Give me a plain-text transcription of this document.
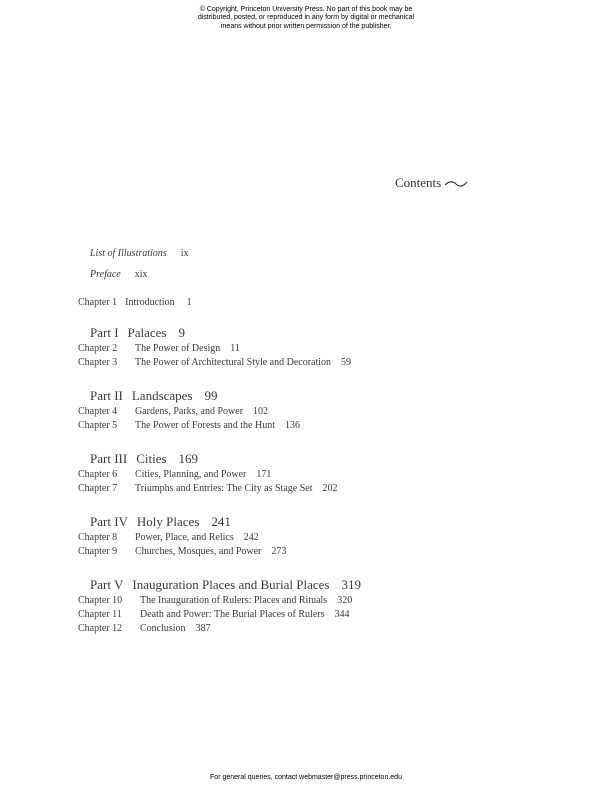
© Copyright, Princeton University Press. No part of this book may be
distributed, posted, or reproduced in any form by digital or mechanical
means without prior written permission of the publisher.
Contents
List of Illustrations ix
Preface xix
Chapter 1 Introduction 1
Part I Palaces 9
Chapter 2 The Power of Design 11
Chapter 3 The Power of Architectural Style and Decoration 59
Part II Landscapes 99
Chapter 4 Gardens, Parks, and Power 102
Chapter 5 The Power of Forests and the Hunt 136
Part III Cities 169
Chapter 6 Cities, Planning, and Power 171
Chapter 7 Triumphs and Entries: The City as Stage Set 202
Part IV Holy Places 241
Chapter 8 Power, Place, and Relics 242
Chapter 9 Churches, Mosques, and Power 273
Part V Inauguration Places and Burial Places 319
Chapter 10 The Inauguration of Rulers: Places and Rituals 320
Chapter 11 Death and Power: The Burial Places of Rulers 344
Chapter 12 Conclusion 387
For general queries, contact webmaster@press.princeton.edu
